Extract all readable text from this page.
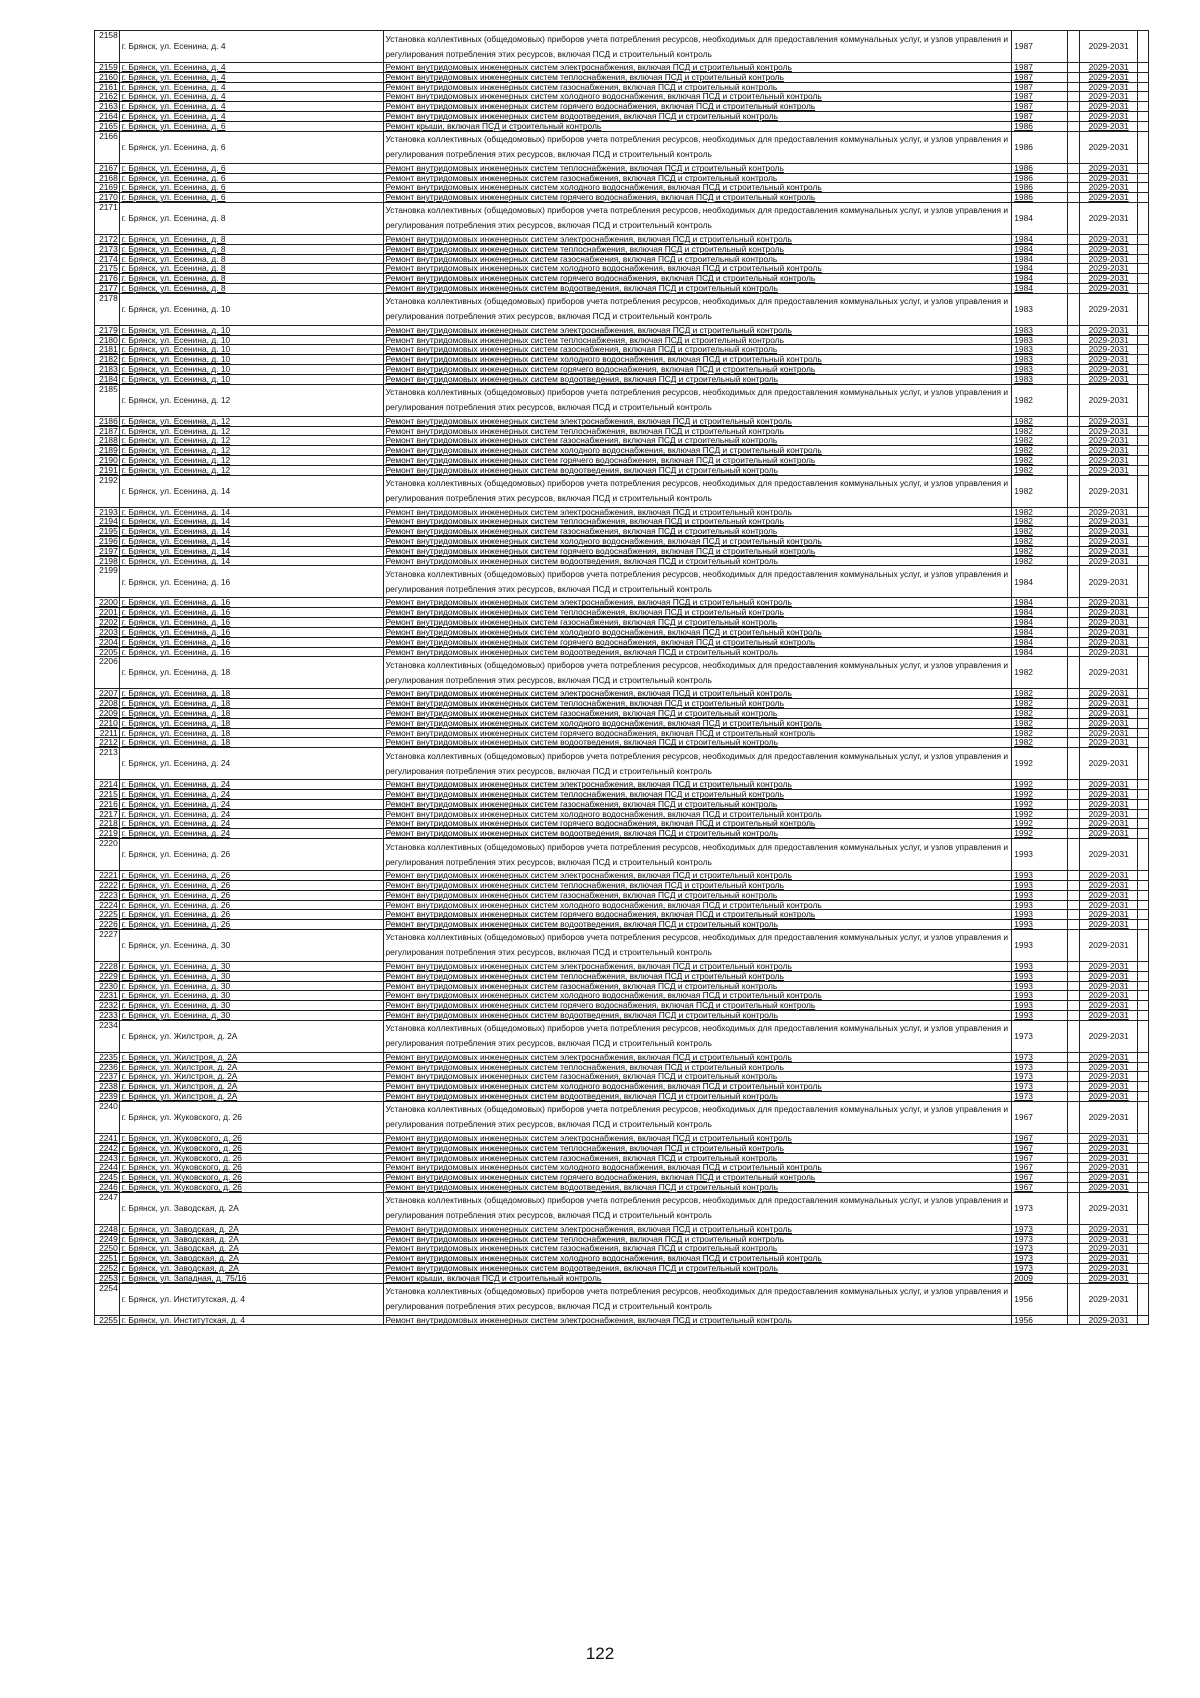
2158	г. Брянск, ул. Есенина, д. 4	Установка коллективных (общедомовых) приборов учета потребления ресурсов, необходимых для предоставления коммунальных услуг, и узлов управления и регулирования потребления этих ресурсов, включая ПСД и строительный контроль	1987		2029-2031	
2159	г. Брянск, ул. Есенина, д. 4	Ремонт внутридомовых инженерных систем электроснабжения, включая ПСД и строительный контроль	1987		2029-2031	
2160	г. Брянск, ул. Есенина, д. 4	Ремонт внутридомовых инженерных систем теплоснабжения, включая ПСД и строительный контроль	1987		2029-2031	
2161	г. Брянск, ул. Есенина, д. 4	Ремонт внутридомовых инженерных систем газоснабжения, включая ПСД и строительный контроль	1987		2029-2031	
2162	г. Брянск, ул. Есенина, д. 4	Ремонт внутридомовых инженерных систем холодного водоснабжения, включая ПСД и строительный контроль	1987		2029-2031	
2163	г. Брянск, ул. Есенина, д. 4	Ремонт внутридомовых инженерных систем горячего водоснабжения, включая ПСД и строительный контроль	1987		2029-2031	
2164	г. Брянск, ул. Есенина, д. 4	Ремонт внутридомовых инженерных систем водоотведения, включая ПСД и строительный контроль	1987		2029-2031	
2165	г. Брянск, ул. Есенина, д. 6	Ремонт крыши, включая ПСД и строительный контроль	1986		2029-2031	
2166	г. Брянск, ул. Есенина, д. 6	Установка коллективных (общедомовых) приборов учета потребления ресурсов, необходимых для предоставления коммунальных услуг, и узлов управления и регулирования потребления этих ресурсов, включая ПСД и строительный контроль	1986		2029-2031	
2167	г. Брянск, ул. Есенина, д. 6	Ремонт внутридомовых инженерных систем теплоснабжения, включая ПСД и строительный контроль	1986		2029-2031	
2168	г. Брянск, ул. Есенина, д. 6	Ремонт внутридомовых инженерных систем газоснабжения, включая ПСД и строительный контроль	1986		2029-2031	
2169	г. Брянск, ул. Есенина, д. 6	Ремонт внутридомовых инженерных систем холодного водоснабжения, включая ПСД и строительный контроль	1986		2029-2031	
2170	г. Брянск, ул. Есенина, д. 6	Ремонт внутридомовых инженерных систем горячего водоснабжения, включая ПСД и строительный контроль	1986		2029-2031	
2171	г. Брянск, ул. Есенина, д. 8	Установка коллективных (общедомовых) приборов учета потребления ресурсов, необходимых для предоставления коммунальных услуг, и узлов управления и регулирования потребления этих ресурсов, включая ПСД и строительный контроль	1984		2029-2031	
2172	г. Брянск, ул. Есенина, д. 8	Ремонт внутридомовых инженерных систем электроснабжения, включая ПСД и строительный контроль	1984		2029-2031	
2173	г. Брянск, ул. Есенина, д. 8	Ремонт внутридомовых инженерных систем теплоснабжения, включая ПСД и строительный контроль	1984		2029-2031	
2174	г. Брянск, ул. Есенина, д. 8	Ремонт внутридомовых инженерных систем газоснабжения, включая ПСД и строительный контроль	1984		2029-2031	
2175	г. Брянск, ул. Есенина, д. 8	Ремонт внутридомовых инженерных систем холодного водоснабжения, включая ПСД и строительный контроль	1984		2029-2031	
2176	г. Брянск, ул. Есенина, д. 8	Ремонт внутридомовых инженерных систем горячего водоснабжения, включая ПСД и строительный контроль	1984		2029-2031	
2177	г. Брянск, ул. Есенина, д. 8	Ремонт внутридомовых инженерных систем водоотведения, включая ПСД и строительный контроль	1984		2029-2031	
2178	г. Брянск, ул. Есенина, д. 10	Установка коллективных (общедомовых) приборов учета потребления ресурсов, необходимых для предоставления коммунальных услуг, и узлов управления и регулирования потребления этих ресурсов, включая ПСД и строительный контроль	1983		2029-2031	
2179	г. Брянск, ул. Есенина, д. 10	Ремонт внутридомовых инженерных систем электроснабжения, включая ПСД и строительный контроль	1983		2029-2031	
2180	г. Брянск, ул. Есенина, д. 10	Ремонт внутридомовых инженерных систем теплоснабжения, включая ПСД и строительный контроль	1983		2029-2031	
2181	г. Брянск, ул. Есенина, д. 10	Ремонт внутридомовых инженерных систем газоснабжения, включая ПСД и строительный контроль	1983		2029-2031	
2182	г. Брянск, ул. Есенина, д. 10	Ремонт внутридомовых инженерных систем холодного водоснабжения, включая ПСД и строительный контроль	1983		2029-2031	
2183	г. Брянск, ул. Есенина, д. 10	Ремонт внутридомовых инженерных систем горячего водоснабжения, включая ПСД и строительный контроль	1983		2029-2031	
2184	г. Брянск, ул. Есенина, д. 10	Ремонт внутридомовых инженерных систем водоотведения, включая ПСД и строительный контроль	1983		2029-2031	
2185	г. Брянск, ул. Есенина, д. 12	Установка коллективных (общедомовых) приборов учета потребления ресурсов, необходимых для предоставления коммунальных услуг, и узлов управления и регулирования потребления этих ресурсов, включая ПСД и строительный контроль	1982		2029-2031	
2186	г. Брянск, ул. Есенина, д. 12	Ремонт внутридомовых инженерных систем электроснабжения, включая ПСД и строительный контроль	1982		2029-2031	
2187	г. Брянск, ул. Есенина, д. 12	Ремонт внутридомовых инженерных систем теплоснабжения, включая ПСД и строительный контроль	1982		2029-2031	
2188	г. Брянск, ул. Есенина, д. 12	Ремонт внутридомовых инженерных систем газоснабжения, включая ПСД и строительный контроль	1982		2029-2031	
2189	г. Брянск, ул. Есенина, д. 12	Ремонт внутридомовых инженерных систем холодного водоснабжения, включая ПСД и строительный контроль	1982		2029-2031	
2190	г. Брянск, ул. Есенина, д. 12	Ремонт внутридомовых инженерных систем горячего водоснабжения, включая ПСД и строительный контроль	1982		2029-2031	
2191	г. Брянск, ул. Есенина, д. 12	Ремонт внутридомовых инженерных систем водоотведения, включая ПСД и строительный контроль	1982		2029-2031	
2192	г. Брянск, ул. Есенина, д. 14	Установка коллективных (общедомовых) приборов учета потребления ресурсов, необходимых для предоставления коммунальных услуг, и узлов управления и регулирования потребления этих ресурсов, включая ПСД и строительный контроль	1982		2029-2031	
2193	г. Брянск, ул. Есенина, д. 14	Ремонт внутридомовых инженерных систем электроснабжения, включая ПСД и строительный контроль	1982		2029-2031	
2194	г. Брянск, ул. Есенина, д. 14	Ремонт внутридомовых инженерных систем теплоснабжения, включая ПСД и строительный контроль	1982		2029-2031	
2195	г. Брянск, ул. Есенина, д. 14	Ремонт внутридомовых инженерных систем газоснабжения, включая ПСД и строительный контроль	1982		2029-2031	
2196	г. Брянск, ул. Есенина, д. 14	Ремонт внутридомовых инженерных систем холодного водоснабжения, включая ПСД и строительный контроль	1982		2029-2031	
2197	г. Брянск, ул. Есенина, д. 14	Ремонт внутридомовых инженерных систем горячего водоснабжения, включая ПСД и строительный контроль	1982		2029-2031	
2198	г. Брянск, ул. Есенина, д. 14	Ремонт внутридомовых инженерных систем водоотведения, включая ПСД и строительный контроль	1982		2029-2031	
2199	г. Брянск, ул. Есенина, д. 16	Установка коллективных (общедомовых) приборов учета потребления ресурсов, необходимых для предоставления коммунальных услуг, и узлов управления и регулирования потребления этих ресурсов, включая ПСД и строительный контроль	1984		2029-2031	
2200	г. Брянск, ул. Есенина, д. 16	Ремонт внутридомовых инженерных систем электроснабжения, включая ПСД и строительный контроль	1984		2029-2031	
2201	г. Брянск, ул. Есенина, д. 16	Ремонт внутридомовых инженерных систем теплоснабжения, включая ПСД и строительный контроль	1984		2029-2031	
2202	г. Брянск, ул. Есенина, д. 16	Ремонт внутридомовых инженерных систем газоснабжения, включая ПСД и строительный контроль	1984		2029-2031	
2203	г. Брянск, ул. Есенина, д. 16	Ремонт внутридомовых инженерных систем холодного водоснабжения, включая ПСД и строительный контроль	1984		2029-2031	
2204	г. Брянск, ул. Есенина, д. 16	Ремонт внутридомовых инженерных систем горячего водоснабжения, включая ПСД и строительный контроль	1984		2029-2031	
2205	г. Брянск, ул. Есенина, д. 16	Ремонт внутридомовых инженерных систем водоотведения, включая ПСД и строительный контроль	1984		2029-2031	
2206	г. Брянск, ул. Есенина, д. 18	Установка коллективных (общедомовых) приборов учета потребления ресурсов, необходимых для предоставления коммунальных услуг, и узлов управления и регулирования потребления этих ресурсов, включая ПСД и строительный контроль	1982		2029-2031	
2207	г. Брянск, ул. Есенина, д. 18	Ремонт внутридомовых инженерных систем электроснабжения, включая ПСД и строительный контроль	1982		2029-2031	
2208	г. Брянск, ул. Есенина, д. 18	Ремонт внутридомовых инженерных систем теплоснабжения, включая ПСД и строительный контроль	1982		2029-2031	
2209	г. Брянск, ул. Есенина, д. 18	Ремонт внутридомовых инженерных систем газоснабжения, включая ПСД и строительный контроль	1982		2029-2031	
2210	г. Брянск, ул. Есенина, д. 18	Ремонт внутридомовых инженерных систем холодного водоснабжения, включая ПСД и строительный контроль	1982		2029-2031	
2211	г. Брянск, ул. Есенина, д. 18	Ремонт внутридомовых инженерных систем горячего водоснабжения, включая ПСД и строительный контроль	1982		2029-2031	
2212	г. Брянск, ул. Есенина, д. 18	Ремонт внутридомовых инженерных систем водоотведения, включая ПСД и строительный контроль	1982		2029-2031	
2213	г. Брянск, ул. Есенина, д. 24	Установка коллективных (общедомовых) приборов учета потребления ресурсов, необходимых для предоставления коммунальных услуг, и узлов управления и регулирования потребления этих ресурсов, включая ПСД и строительный контроль	1992		2029-2031	
2214	г. Брянск, ул. Есенина, д. 24	Ремонт внутридомовых инженерных систем электроснабжения, включая ПСД и строительный контроль	1992		2029-2031	
2215	г. Брянск, ул. Есенина, д. 24	Ремонт внутридомовых инженерных систем теплоснабжения, включая ПСД и строительный контроль	1992		2029-2031	
2216	г. Брянск, ул. Есенина, д. 24	Ремонт внутридомовых инженерных систем газоснабжения, включая ПСД и строительный контроль	1992		2029-2031	
2217	г. Брянск, ул. Есенина, д. 24	Ремонт внутридомовых инженерных систем холодного водоснабжения, включая ПСД и строительный контроль	1992		2029-2031	
2218	г. Брянск, ул. Есенина, д. 24	Ремонт внутридомовых инженерных систем горячего водоснабжения, включая ПСД и строительный контроль	1992		2029-2031	
2219	г. Брянск, ул. Есенина, д. 24	Ремонт внутридомовых инженерных систем водоотведения, включая ПСД и строительный контроль	1992		2029-2031	
2220	г. Брянск, ул. Есенина, д. 26	Установка коллективных (общедомовых) приборов учета потребления ресурсов, необходимых для предоставления коммунальных услуг, и узлов управления и регулирования потребления этих ресурсов, включая ПСД и строительный контроль	1993		2029-2031	
2221	г. Брянск, ул. Есенина, д. 26	Ремонт внутридомовых инженерных систем электроснабжения, включая ПСД и строительный контроль	1993		2029-2031	
2222	г. Брянск, ул. Есенина, д. 26	Ремонт внутридомовых инженерных систем теплоснабжения, включая ПСД и строительный контроль	1993		2029-2031	
2223	г. Брянск, ул. Есенина, д. 26	Ремонт внутридомовых инженерных систем газоснабжения, включая ПСД и строительный контроль	1993		2029-2031	
2224	г. Брянск, ул. Есенина, д. 26	Ремонт внутридомовых инженерных систем холодного водоснабжения, включая ПСД и строительный контроль	1993		2029-2031	
2225	г. Брянск, ул. Есенина, д. 26	Ремонт внутридомовых инженерных систем горячего водоснабжения, включая ПСД и строительный контроль	1993		2029-2031	
2226	г. Брянск, ул. Есенина, д. 26	Ремонт внутридомовых инженерных систем водоотведения, включая ПСД и строительный контроль	1993		2029-2031	
2227	г. Брянск, ул. Есенина, д. 30	Установка коллективных (общедомовых) приборов учета потребления ресурсов, необходимых для предоставления коммунальных услуг, и узлов управления и регулирования потребления этих ресурсов, включая ПСД и строительный контроль	1993		2029-2031	
2228	г. Брянск, ул. Есенина, д. 30	Ремонт внутридомовых инженерных систем электроснабжения, включая ПСД и строительный контроль	1993		2029-2031	
2229	г. Брянск, ул. Есенина, д. 30	Ремонт внутридомовых инженерных систем теплоснабжения, включая ПСД и строительный контроль	1993		2029-2031	
2230	г. Брянск, ул. Есенина, д. 30	Ремонт внутридомовых инженерных систем газоснабжения, включая ПСД и строительный контроль	1993		2029-2031	
2231	г. Брянск, ул. Есенина, д. 30	Ремонт внутридомовых инженерных систем холодного водоснабжения, включая ПСД и строительный контроль	1993		2029-2031	
2232	г. Брянск, ул. Есенина, д. 30	Ремонт внутридомовых инженерных систем горячего водоснабжения, включая ПСД и строительный контроль	1993		2029-2031	
2233	г. Брянск, ул. Есенина, д. 30	Ремонт внутридомовых инженерных систем водоотведения, включая ПСД и строительный контроль	1993		2029-2031	
2234	г. Брянск, ул. Жилстроя, д. 2А	Установка коллективных (общедомовых) приборов учета потребления ресурсов, необходимых для предоставления коммунальных услуг, и узлов управления и регулирования потребления этих ресурсов, включая ПСД и строительный контроль	1973		2029-2031	
2235	г. Брянск, ул. Жилстроя, д. 2А	Ремонт внутридомовых инженерных систем электроснабжения, включая ПСД и строительный контроль	1973		2029-2031	
2236	г. Брянск, ул. Жилстроя, д. 2А	Ремонт внутридомовых инженерных систем теплоснабжения, включая ПСД и строительный контроль	1973		2029-2031	
2237	г. Брянск, ул. Жилстроя, д. 2А	Ремонт внутридомовых инженерных систем газоснабжения, включая ПСД и строительный контроль	1973		2029-2031	
2238	г. Брянск, ул. Жилстроя, д. 2А	Ремонт внутридомовых инженерных систем холодного водоснабжения, включая ПСД и строительный контроль	1973		2029-2031	
2239	г. Брянск, ул. Жилстроя, д. 2А	Ремонт внутридомовых инженерных систем водоотведения, включая ПСД и строительный контроль	1973		2029-2031	
2240	г. Брянск, ул. Жуковского, д. 26	Установка коллективных (общедомовых) приборов учета потребления ресурсов, необходимых для предоставления коммунальных услуг, и узлов управления и регулирования потребления этих ресурсов, включая ПСД и строительный контроль	1967		2029-2031	
2241	г. Брянск, ул. Жуковского, д. 26	Ремонт внутридомовых инженерных систем электроснабжения, включая ПСД и строительный контроль	1967		2029-2031	
2242	г. Брянск, ул. Жуковского, д. 26	Ремонт внутридомовых инженерных систем теплоснабжения, включая ПСД и строительный контроль	1967		2029-2031	
2243	г. Брянск, ул. Жуковского, д. 26	Ремонт внутридомовых инженерных систем газоснабжения, включая ПСД и строительный контроль	1967		2029-2031	
2244	г. Брянск, ул. Жуковского, д. 26	Ремонт внутридомовых инженерных систем холодного водоснабжения, включая ПСД и строительный контроль	1967		2029-2031	
2245	г. Брянск, ул. Жуковского, д. 26	Ремонт внутридомовых инженерных систем горячего водоснабжения, включая ПСД и строительный контроль	1967		2029-2031	
2246	г. Брянск, ул. Жуковского, д. 26	Ремонт внутридомовых инженерных систем водоотведения, включая ПСД и строительный контроль	1967		2029-2031	
2247	г. Брянск, ул. Заводская, д. 2А	Установка коллективных (общедомовых) приборов учета потребления ресурсов, необходимых для предоставления коммунальных услуг, и узлов управления и регулирования потребления этих ресурсов, включая ПСД и строительный контроль	1973		2029-2031	
2248	г. Брянск, ул. Заводская, д. 2А	Ремонт внутридомовых инженерных систем электроснабжения, включая ПСД и строительный контроль	1973		2029-2031	
2249	г. Брянск, ул. Заводская, д. 2А	Ремонт внутридомовых инженерных систем теплоснабжения, включая ПСД и строительный контроль	1973		2029-2031	
2250	г. Брянск, ул. Заводская, д. 2А	Ремонт внутридомовых инженерных систем газоснабжения, включая ПСД и строительный контроль	1973		2029-2031	
2251	г. Брянск, ул. Заводская, д. 2А	Ремонт внутридомовых инженерных систем холодного водоснабжения, включая ПСД и строительный контроль	1973		2029-2031	
2252	г. Брянск, ул. Заводская, д. 2А	Ремонт внутридомовых инженерных систем водоотведения, включая ПСД и строительный контроль	1973		2029-2031	
2253	г. Брянск, ул. Западная, д. 75/16	Ремонт крыши, включая ПСД и строительный контроль	2009		2029-2031	
2254	г. Брянск, ул. Институтская, д. 4	Установка коллективных (общедомовых) приборов учета потребления ресурсов, необходимых для предоставления коммунальных услуг, и узлов управления и регулирования потребления этих ресурсов, включая ПСД и строительный контроль	1956		2029-2031	
2255	г. Брянск, ул. Институтская, д. 4	Ремонт внутридомовых инженерных систем электроснабжения, включая ПСД и строительный контроль	1956		2029-2031	
122
